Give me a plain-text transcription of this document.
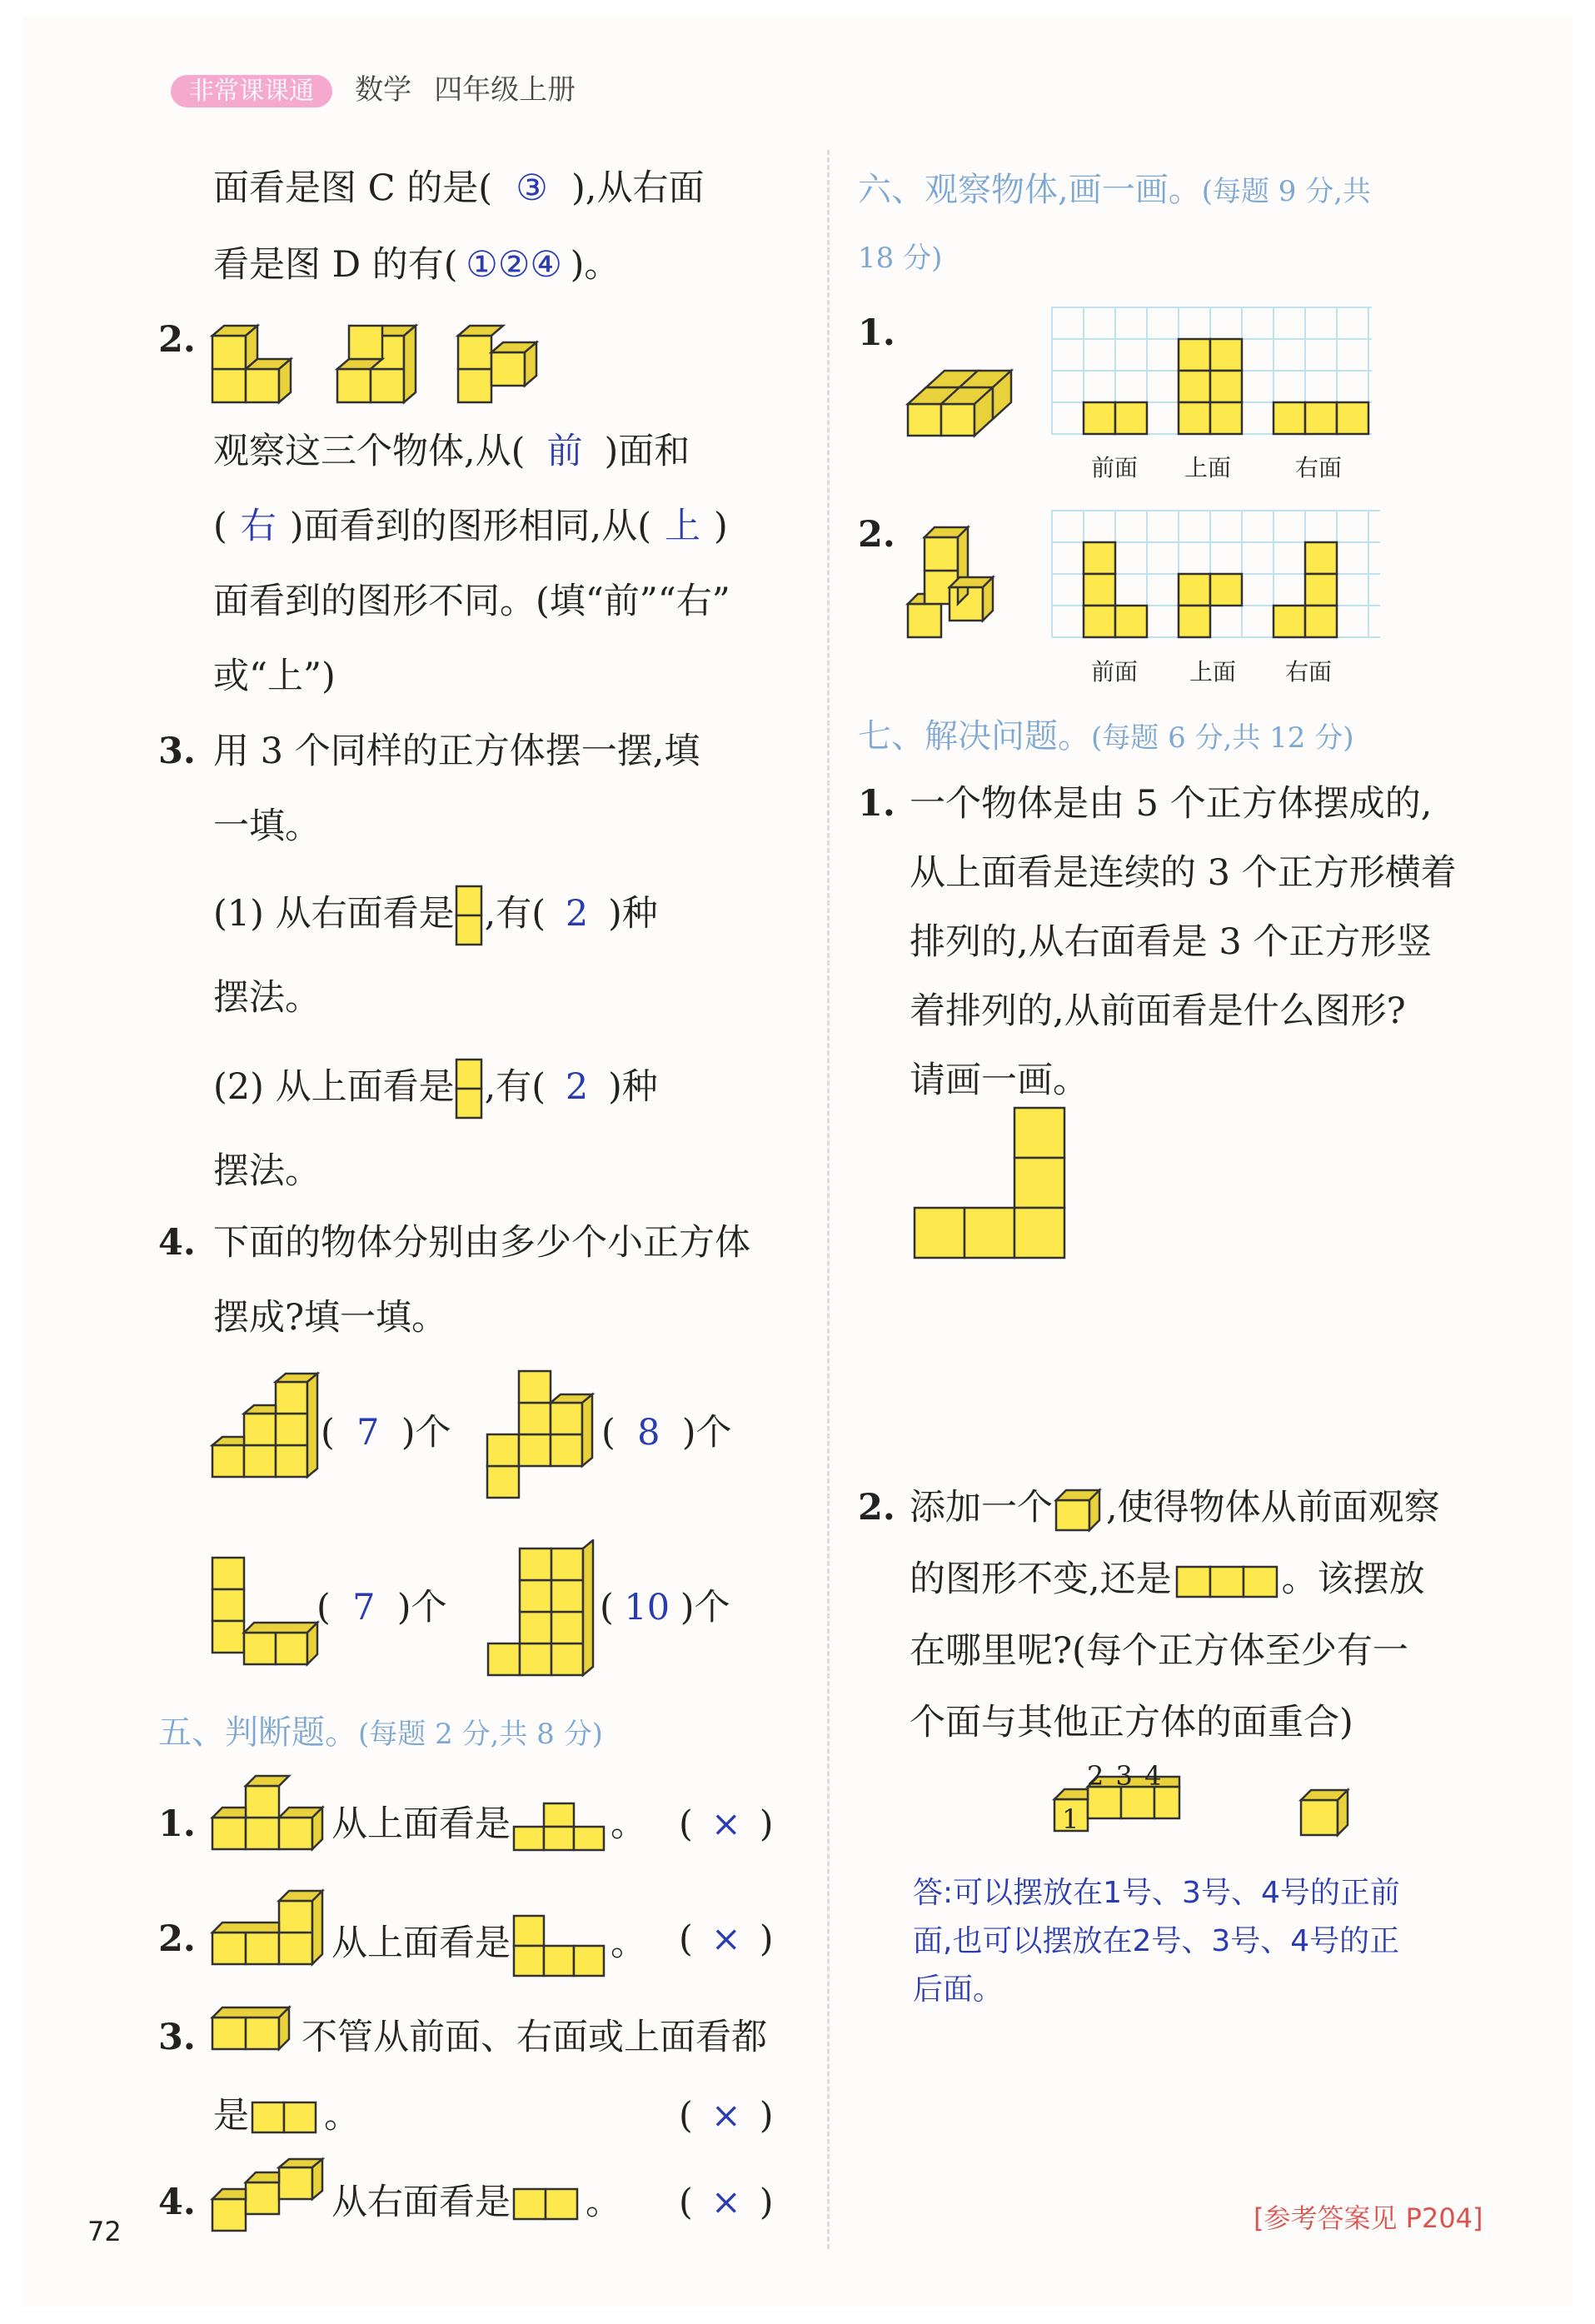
非常课课通 数学 四年级上册
面看是图 C 的是( ③ ),从右面
看是图 D 的有( ①②④ )。
2.
观察这三个物体,从( 前 )面和
( 右 )面看到的图形相同,从( 上 )
面看到的图形不同。(填“前”“右”
或“上”)
3. 用 3 个同样的正方体摆一摆,填
一填。
(1) 从右面看是 ,有( 2 )种
摆法。
(2) 从上面看是 ,有( 2 )种
摆法。
4. 下面的物体分别由多少个小正方体
摆成?填一填。
( 7 )个	( 8 )个
( 7 )个	( 10 )个
五、判断题。(每题 2 分,共 8 分)
1.	从上面看是	。 ( × )
2.	从上面看是	。 ( × )
3.	不管从前面、右面或上面看都
是 。	( × )
4.	从右面看是 。 ( × )
72
六、观察物体,画一画。(每题 9 分,共
18 分)
1.
前面 上面	右面
2.
前面 上面 右面
七、解决问题。(每题 6 分,共 12 分)
1. 一个物体是由 5 个正方体摆成的,
从上面看是连续的 3 个正方形横着
排列的,从右面看是 3 个正方形竖
着排列的,从前面看是什么图形?
请画一画。
2. 添加一个 ,使得物体从前面观察
的图形不变,还是	。该摆放
在哪里呢?(每个正方体至少有一
个面与其他正方体的面重合)
2 3 4
1
答:可以摆放在1号、3号、4号的正前
面,也可以摆放在2号、3号、4号的正
后面。
[参考答案见 P204]
